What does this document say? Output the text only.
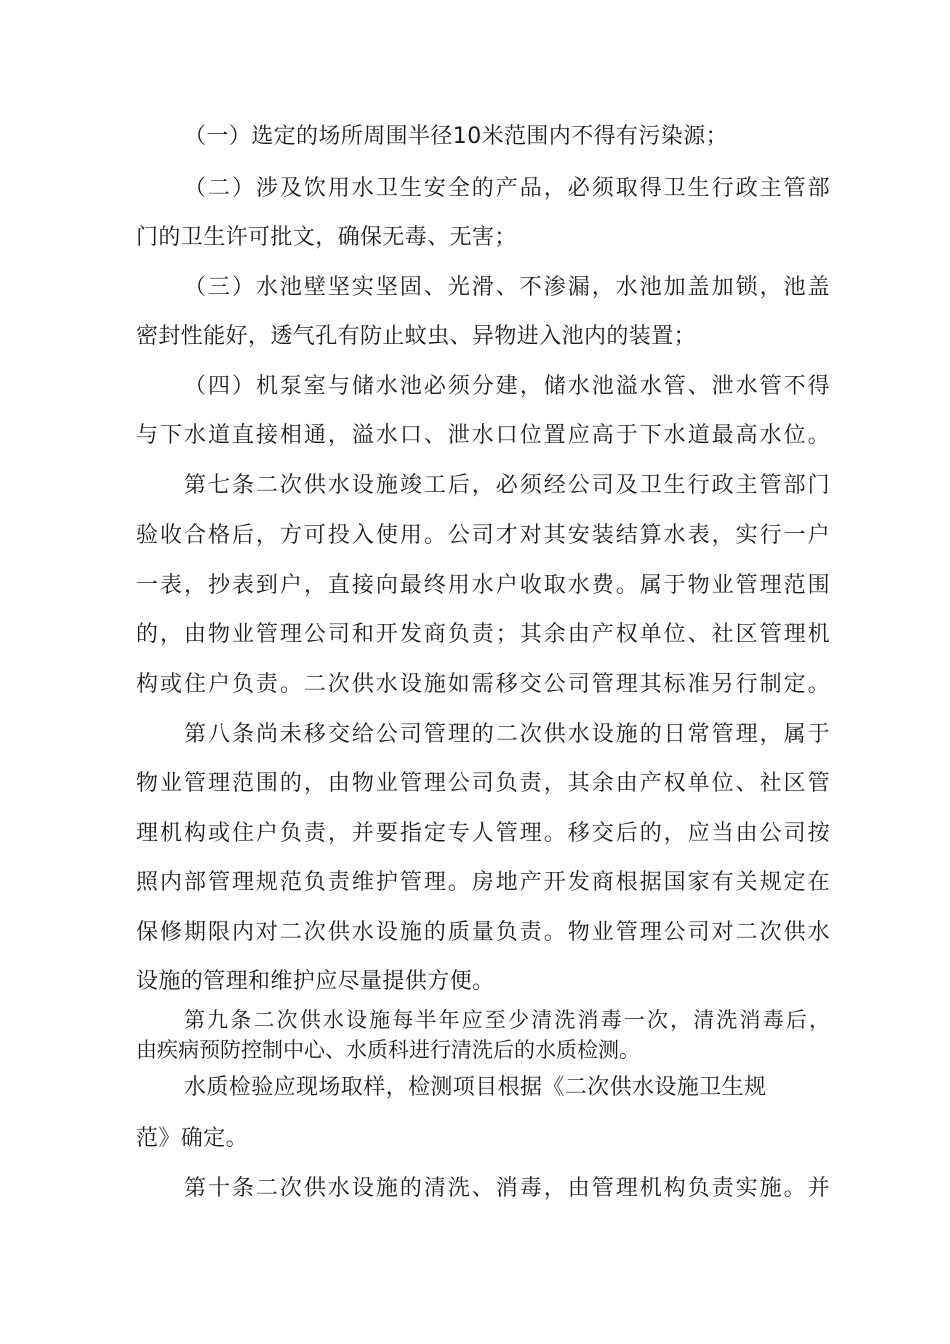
（一）选定的场所周围半径10米范围内不得有污染源；
（二）涉及饮用水卫生安全的产品，必须取得卫生行政主管部
门的卫生许可批文，确保无毒、无害；
（三）水池壁坚实坚固、光滑、不渗漏，水池加盖加锁，池盖
密封性能好，透气孔有防止蚊虫、异物进入池内的装置；
（四）机泵室与储水池必须分建，储水池溢水管、泄水管不得
与下水道直接相通，溢水口、泄水口位置应高于下水道最高水位。
第七条二次供水设施竣工后，必须经公司及卫生行政主管部门
验收合格后，方可投入使用。公司才对其安装结算水表，实行一户
一表，抄表到户，直接向最终用水户收取水费。属于物业管理范围
的，由物业管理公司和开发商负责；其余由产权单位、社区管理机
构或住户负责。二次供水设施如需移交公司管理其标准另行制定。
第八条尚未移交给公司管理的二次供水设施的日常管理，属于
物业管理范围的，由物业管理公司负责，其余由产权单位、社区管
理机构或住户负责，并要指定专人管理。移交后的，应当由公司按
照内部管理规范负责维护管理。房地产开发商根据国家有关规定在
保修期限内对二次供水设施的质量负责。物业管理公司对二次供水
设施的管理和维护应尽量提供方便。
第九条二次供水设施每半年应至少清洗消毒一次，清洗消毒后，
由疾病预防控制中心、水质科进行清洗后的水质检测。
水质检验应现场取样，检测项目根据《二次供水设施卫生规
范》确定。
第十条二次供水设施的清洗、消毒，由管理机构负责实施。并
